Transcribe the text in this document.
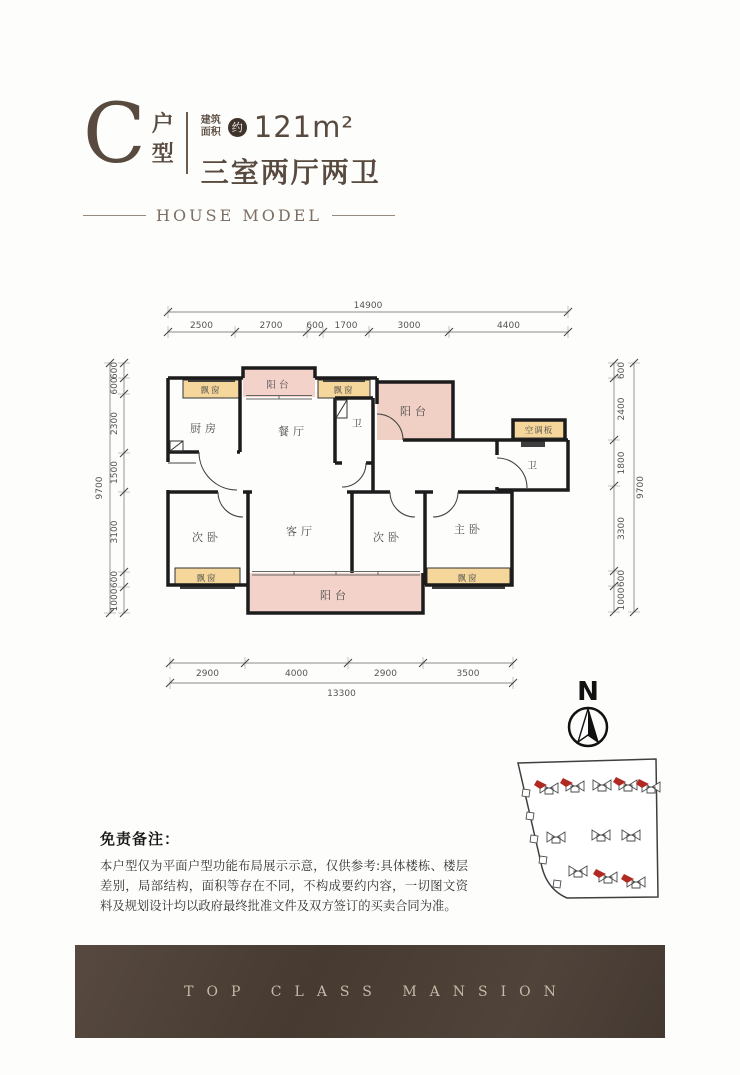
C 户
型
建筑
面积	约 121m²
三室两厅两卫
HOUSE MODEL
厨房	餐厅
卫
阳台
飘窗	飘窗
阳台
空调板
卫
次卧	客厅	次卧
主卧
飘窗
阳台
飘窗
14900
2500	2700	600 1700	3000	4400
2900	4000	2900	3500
13300
9700
600
600
2300
1500
3100
600
1000
600
2400
1800
3300
600
1000
9700
N
免责备注：
本户型仅为平面户型功能布局展示示意，仅供参考:具体楼栋、楼层差别，局部结构，面积等存在不同，不构成要约内容，一切图文资料及规划设计均以政府最终批准文件及双方签订的买卖合同为准。
TOP CLASS MANSION
